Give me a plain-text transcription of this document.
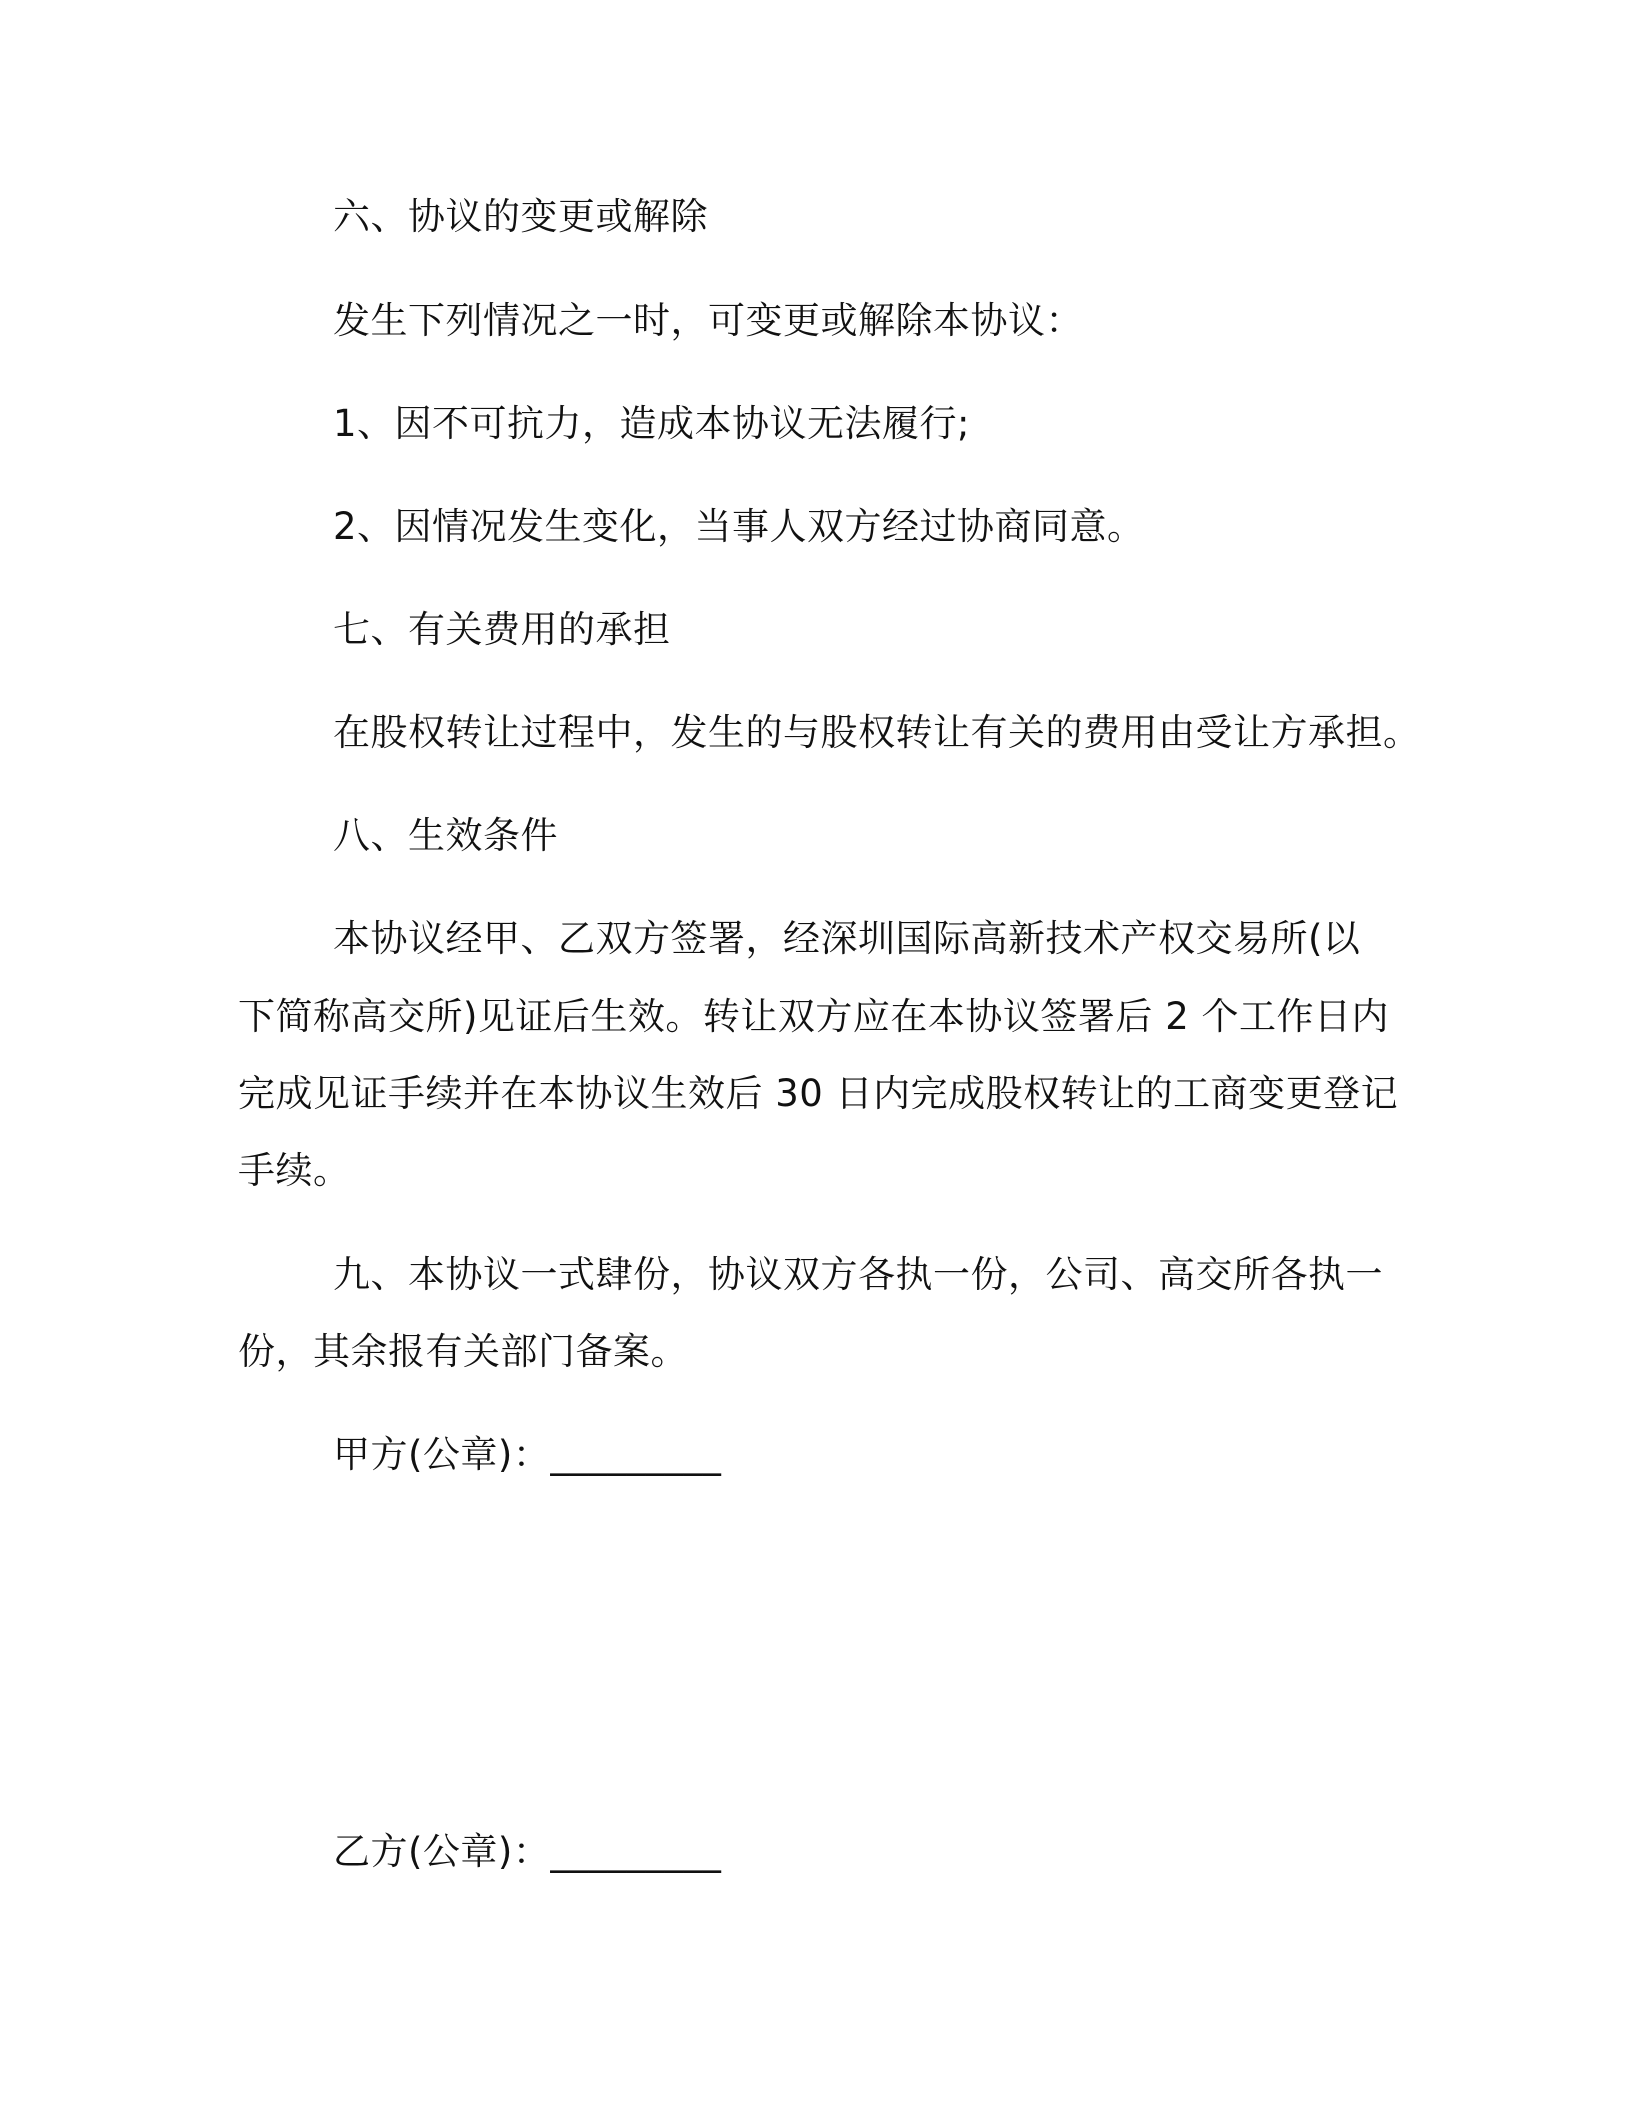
六、协议的变更或解除
发生下列情况之一时，可变更或解除本协议：
1、因不可抗力，造成本协议无法履行;
2、因情况发生变化，当事人双方经过协商同意。
七、有关费用的承担
在股权转让过程中，发生的与股权转让有关的费用由受让方承担。
八、生效条件
本协议经甲、乙双方签署，经深圳国际高新技术产权交易所(以
下简称高交所)见证后生效。转让双方应在本协议签署后 2 个工作日内
完成见证手续并在本协议生效后 30 日内完成股权转让的工商变更登记
手续。
九、本协议一式肆份，协议双方各执一份，公司、高交所各执一
份，其余报有关部门备案。
甲方(公章)：_________
乙方(公章)：_________
